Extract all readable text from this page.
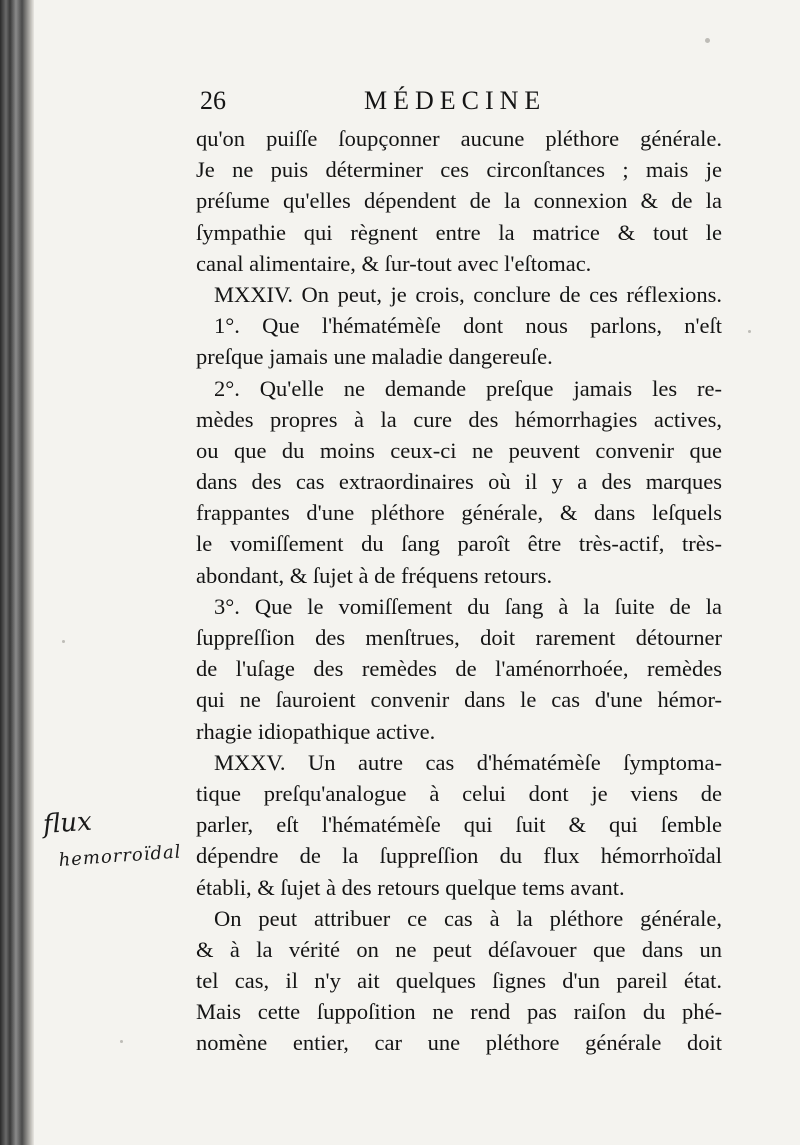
26	MÉDECINE
qu'on puiſſe ſoupçonner aucune pléthore générale.
Je ne puis déterminer ces circonſtances ; mais je
préſume qu'elles dépendent de la connexion & de la
ſympathie qui règnent entre la matrice & tout le
canal alimentaire, & ſur-tout avec l'eſtomac.
MXXIV. On peut, je crois, conclure de ces réflexions.
1°. Que l'hématémèſe dont nous parlons, n'eſt
preſque jamais une maladie dangereuſe.
2°. Qu'elle ne demande preſque jamais les re-
mèdes propres à la cure des hémorrhagies actives,
ou que du moins ceux-ci ne peuvent convenir que
dans des cas extraordinaires où il y a des marques
frappantes d'une pléthore générale, & dans leſquels
le vomiſſement du ſang paroît être très-actif, très-
abondant, & ſujet à de fréquens retours.
3°. Que le vomiſſement du ſang à la ſuite de la
ſuppreſſion des menſtrues, doit rarement détourner
de l'uſage des remèdes de l'aménorrhoée, remèdes
qui ne ſauroient convenir dans le cas d'une hémor-
rhagie idiopathique active.
MXXV. Un autre cas d'hématémèſe ſymptoma-
tique preſqu'analogue à celui dont je viens de
parler, eſt l'hématémèſe qui ſuit & qui ſemble
dépendre de la ſuppreſſion du flux hémorrhoïdal
établi, & ſujet à des retours quelque tems avant.
On peut attribuer ce cas à la pléthore générale,
& à la vérité on ne peut déſavouer que dans un
tel cas, il n'y ait quelques ſignes d'un pareil état.
Mais cette ſuppoſition ne rend pas raiſon du phé-
nomène entier, car une pléthore générale doit
flux
hemorroïdal
